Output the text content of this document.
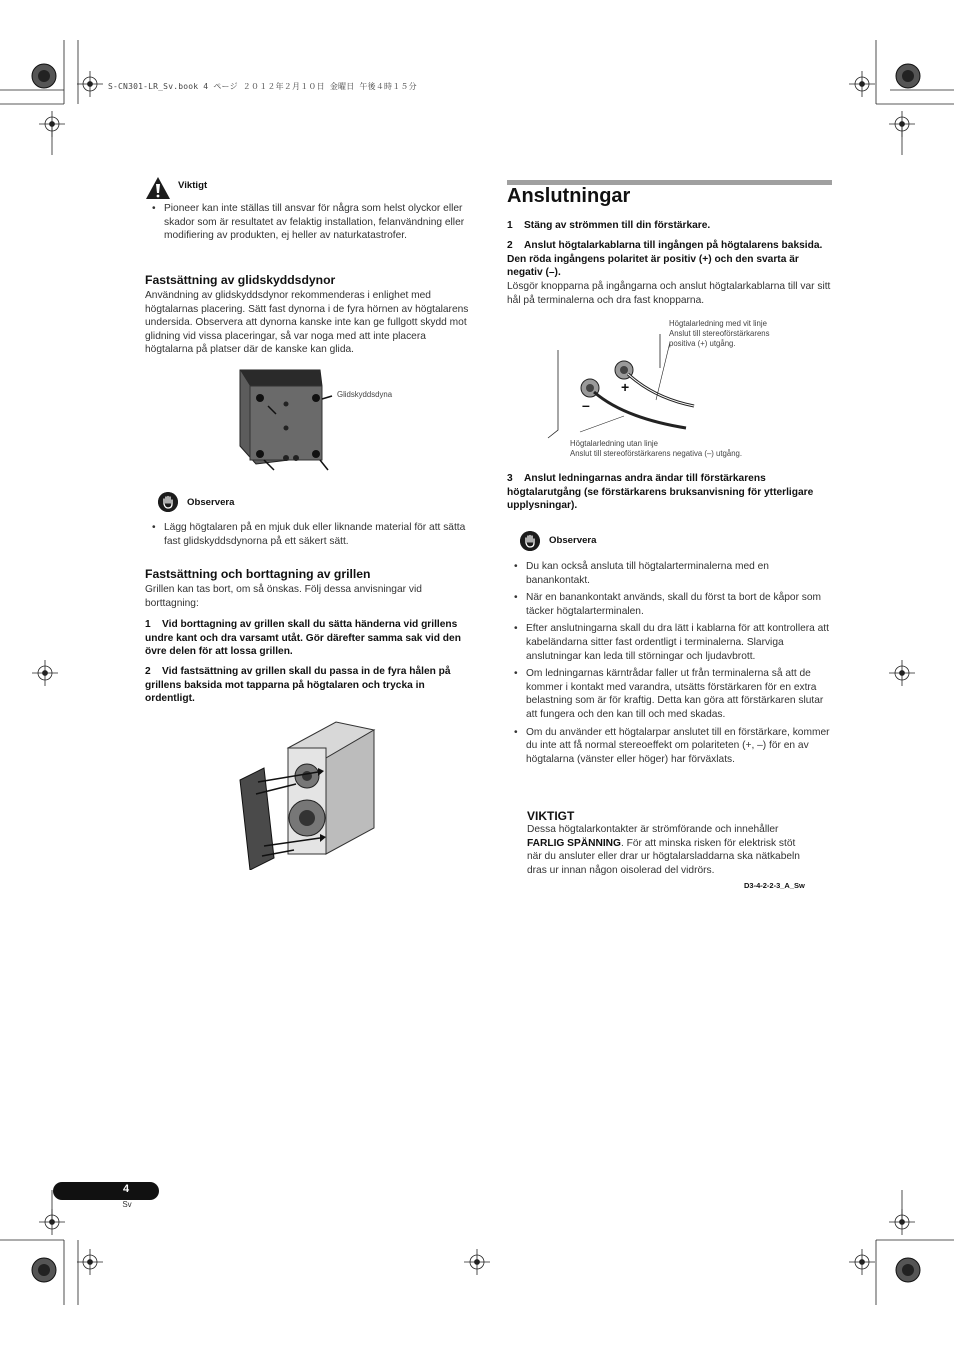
S-CN301-LR_Sv.book 4 ページ ２０１２年２月１０日 金曜日 午後４時１５分
Viktigt
• Pioneer kan inte ställas till ansvar för några som helst olyckor eller skador som är resultatet av felaktig installation, felanvändning eller modifiering av produkten, ej heller av naturkatastrofer.
Fastsättning av glidskyddsdynor
Användning av glidskyddsdynor rekommenderas i enlighet med högtalarnas placering. Sätt fast dynorna i de fyra hörnen av högtalarens undersida. Observera att dynorna kanske inte kan ge fullgott skydd mot glidning vid vissa placeringar, så var noga med att inte placera högtalarna på platser där de kanske kan glida.
Glidskyddsdyna
Observera
• Lägg högtalaren på en mjuk duk eller liknande material för att sätta fast glidskyddsdynorna på ett säkert sätt.
Fastsättning och borttagning av grillen
Grillen kan tas bort, om så önskas. Följ dessa anvisningar vid borttagning:
1 Vid borttagning av grillen skall du sätta händerna vid grillens undre kant och dra varsamt utåt. Gör därefter samma sak vid den övre delen för att lossa grillen.
2 Vid fastsättning av grillen skall du passa in de fyra hålen på grillens baksida mot tapparna på högtalaren och trycka in ordentligt.
Anslutningar
1 Stäng av strömmen till din förstärkare.
2 Anslut högtalarkablarna till ingången på högtalarens baksida. Den röda ingångens polaritet är positiv (+) och den svarta är negativ (–).
Lösgör knopparna på ingångarna och anslut högtalarkablarna till var sitt hål på terminalerna och dra fast knopparna.
+
–
Högtalarledning med vit linje
Anslut till stereoförstärkarens
positiva (+) utgång.
Högtalarledning utan linje
Anslut till stereoförstärkarens negativa (–) utgång.
3 Anslut ledningarnas andra ändar till förstärkarens högtalarutgång (se förstärkarens bruksanvisning för ytterligare upplysningar).
Observera
• Du kan också ansluta till högtalarterminalerna med en banankontakt.
• När en banankontakt används, skall du först ta bort de kåpor som täcker högtalarterminalen.
• Efter anslutningarna skall du dra lätt i kablarna för att kontrollera att kabeländarna sitter fast ordentligt i terminalerna. Slarviga anslutningar kan leda till störningar och ljudavbrott.
• Om ledningarnas kärntrådar faller ut från terminalerna så att de kommer i kontakt med varandra, utsätts förstärkaren för en extra belastning som är för kraftig. Detta kan göra att förstärkaren slutar att fungera och den kan till och med skadas.
• Om du använder ett högtalarpar anslutet till en förstärkare, kommer du inte att få normal stereoeffekt om polariteten (+, –) för en av högtalarna (vänster eller höger) har förväxlats.
VIKTIGT
Dessa högtalarkontakter är strömförande och innehåller FARLIG SPÄNNING. För att minska risken för elektrisk stöt när du ansluter eller drar ur högtalarsladdarna ska nätkabeln dras ur innan någon oisolerad del vidrörs.
D3-4-2-2-3_A_Sw
4
Sv
